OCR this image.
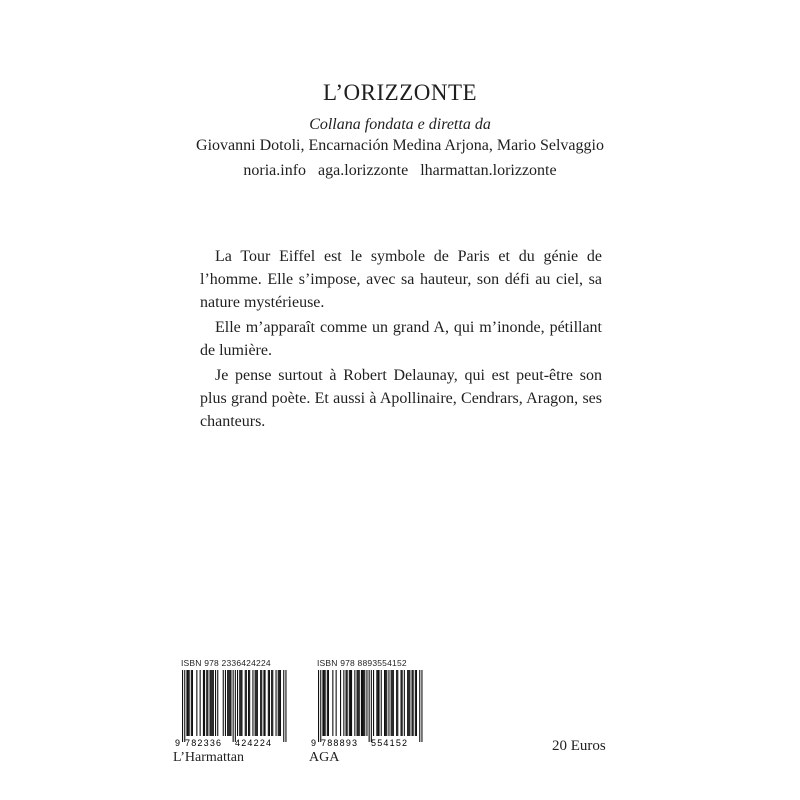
L’ORIZZONTE
Collana fondata e diretta da
Giovanni Dotoli, Encarnación Medina Arjona, Mario Selvaggio
noria.info aga.lorizzonte lharmattan.lorizzonte

La Tour Eiffel est le symbole de Paris et du génie de l’homme. Elle s’impose, avec sa hauteur, son défi au ciel, sa nature mystérieuse.

Elle m’apparaît comme un grand A, qui m’inonde, pétillant de lumière.

Je pense surtout à Robert Delaunay, qui est peut-être son plus grand poète. Et aussi à Apollinaire, Cendrars, Aragon, ses chanteurs.

ISBN 978 2336424224
9 782336 424224
L’Harmattan
ISBN 978 8893554152
9 788893 554152
AGA
20 Euros
